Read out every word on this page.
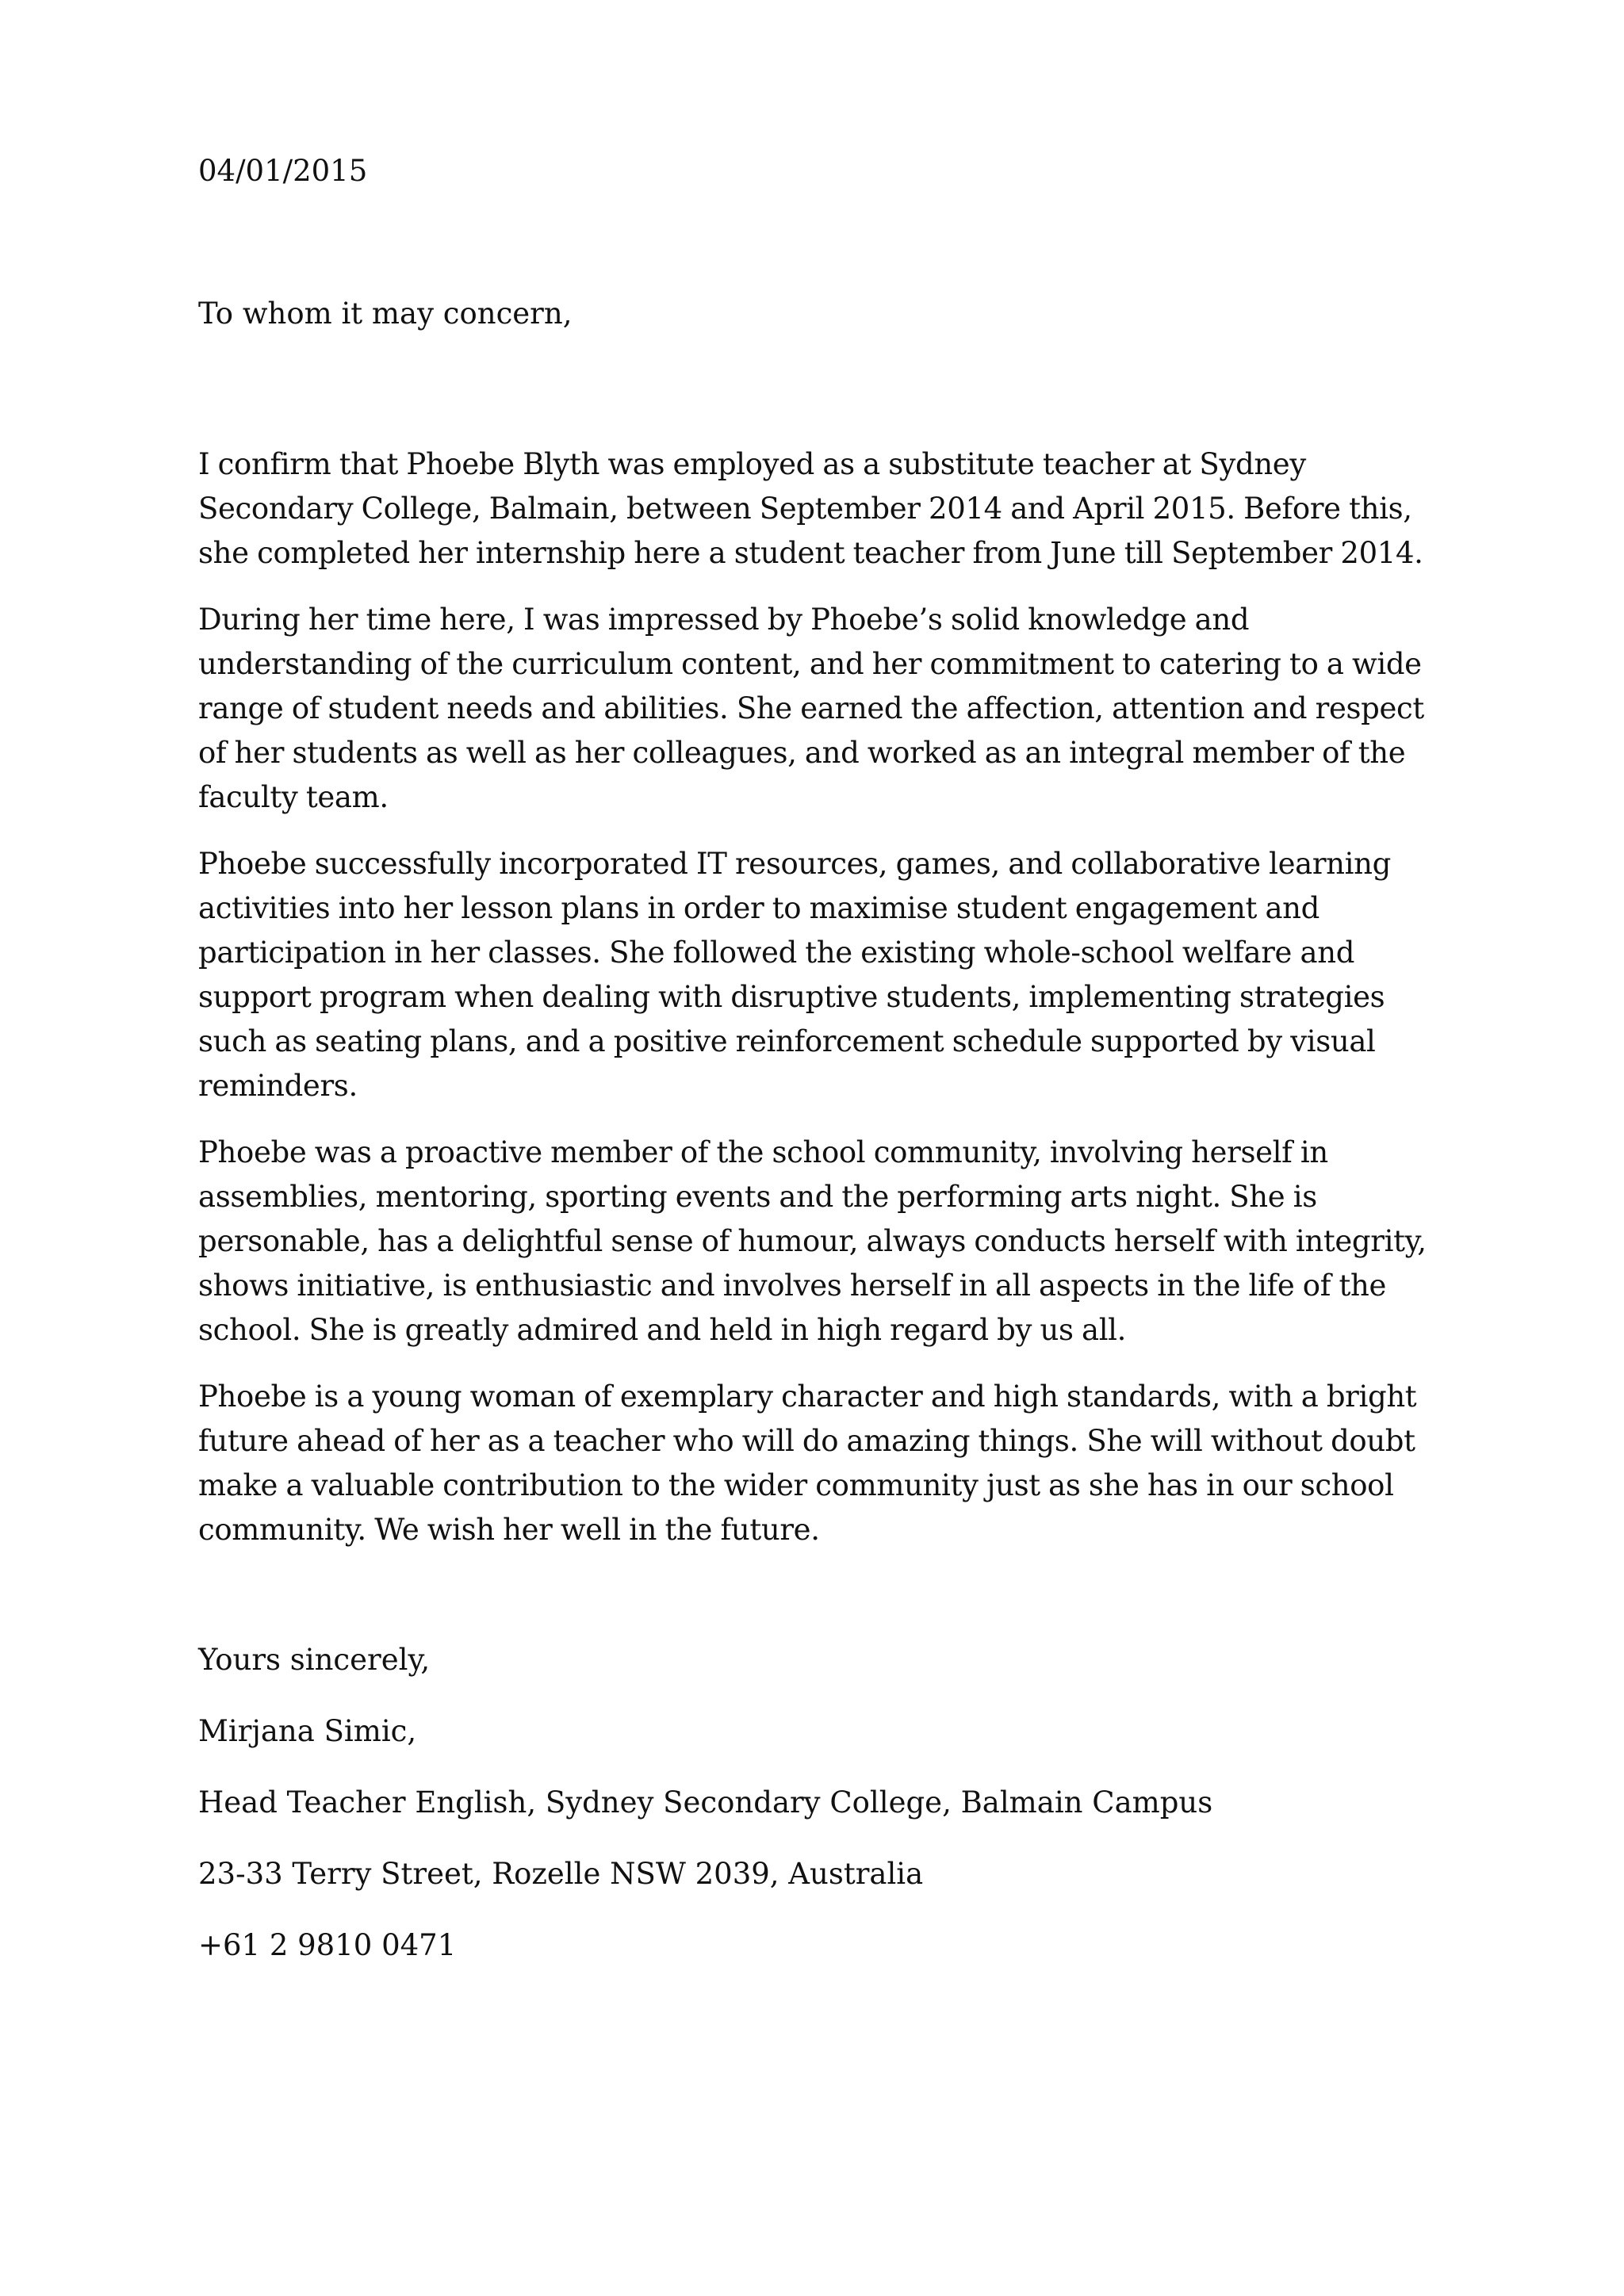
04/01/2015

To whom it may concern,

I confirm that Phoebe Blyth was employed as a substitute teacher at Sydney Secondary College, Balmain, between September 2014 and April 2015. Before this, she completed her internship here a student teacher from June till September 2014.

During her time here, I was impressed by Phoebe’s solid knowledge and understanding of the curriculum content, and her commitment to catering to a wide range of student needs and abilities. She earned the affection, attention and respect of her students as well as her colleagues, and worked as an integral member of the faculty team.

Phoebe successfully incorporated IT resources, games, and collaborative learning activities into her lesson plans in order to maximise student engagement and participation in her classes. She followed the existing whole-school welfare and support program when dealing with disruptive students, implementing strategies such as seating plans, and a positive reinforcement schedule supported by visual reminders.

Phoebe was a proactive member of the school community, involving herself in assemblies, mentoring, sporting events and the performing arts night. She is personable, has a delightful sense of humour, always conducts herself with integrity, shows initiative, is enthusiastic and involves herself in all aspects in the life of the school. She is greatly admired and held in high regard by us all.

Phoebe is a young woman of exemplary character and high standards, with a bright future ahead of her as a teacher who will do amazing things. She will without doubt make a valuable contribution to the wider community just as she has in our school community. We wish her well in the future.

Yours sincerely,

Mirjana Simic,

Head Teacher English, Sydney Secondary College, Balmain Campus

23-33 Terry Street, Rozelle NSW 2039, Australia

+61 2 9810 0471
